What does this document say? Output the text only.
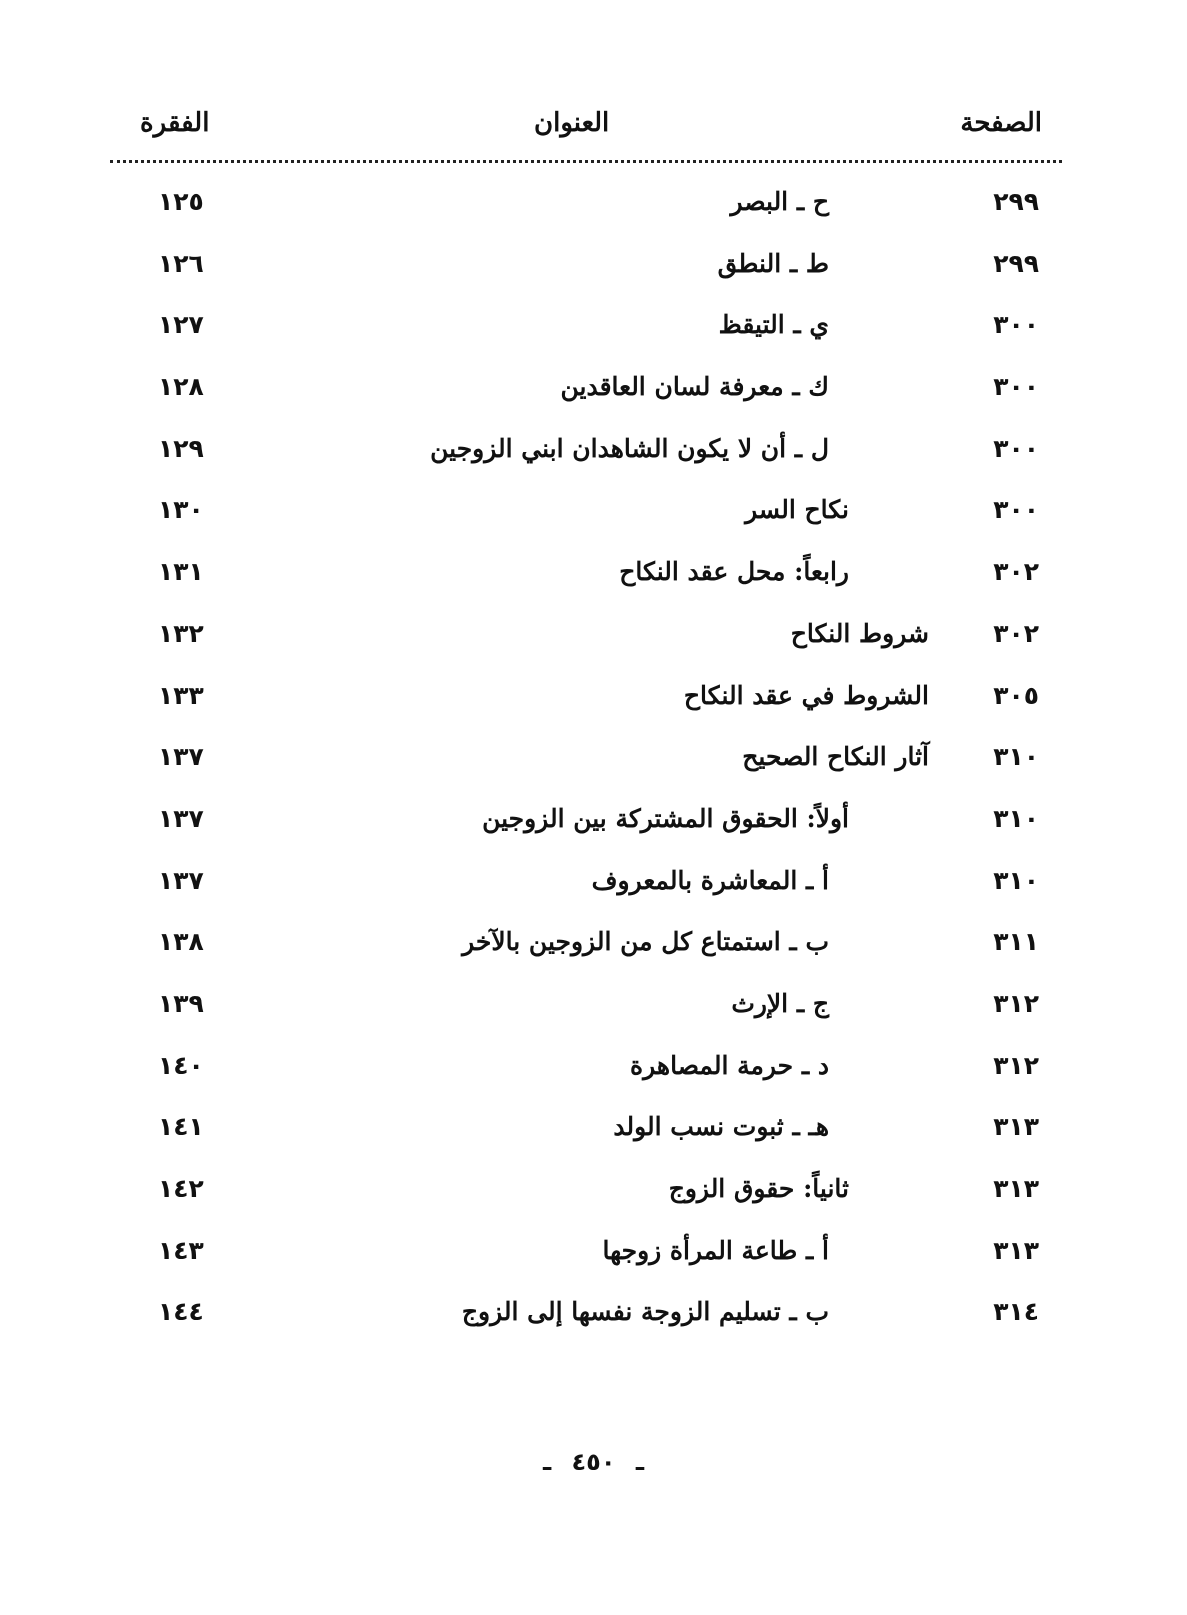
الصفحة
العنوان
الفقرة
٢٩٩
ح ـ البصر
١٢٥
٢٩٩
ط ـ النطق
١٢٦
٣٠٠
ي ـ التيقظ
١٢٧
٣٠٠
ك ـ معرفة لسان العاقدين
١٢٨
٣٠٠
ل ـ أن لا يكون الشاهدان ابني الزوجين
١٢٩
٣٠٠
نكاح السر
١٣٠
٣٠٢
رابعاً: محل عقد النكاح
١٣١
٣٠٢
شروط النكاح
١٣٢
٣٠٥
الشروط في عقد النكاح
١٣٣
٣١٠
آثار النكاح الصحيح
١٣٧
٣١٠
أولاً: الحقوق المشتركة بين الزوجين
١٣٧
٣١٠
أ ـ المعاشرة بالمعروف
١٣٧
٣١١
ب ـ استمتاع كل من الزوجين بالآخر
١٣٨
٣١٢
ج ـ الإرث
١٣٩
٣١٢
د ـ حرمة المصاهرة
١٤٠
٣١٣
هـ ـ ثبوت نسب الولد
١٤١
٣١٣
ثانياً: حقوق الزوج
١٤٢
٣١٣
أ ـ طاعة المرأة زوجها
١٤٣
٣١٤
ب ـ تسليم الزوجة نفسها إلى الزوج
١٤٤
ـ ٤٥٠ ـ
